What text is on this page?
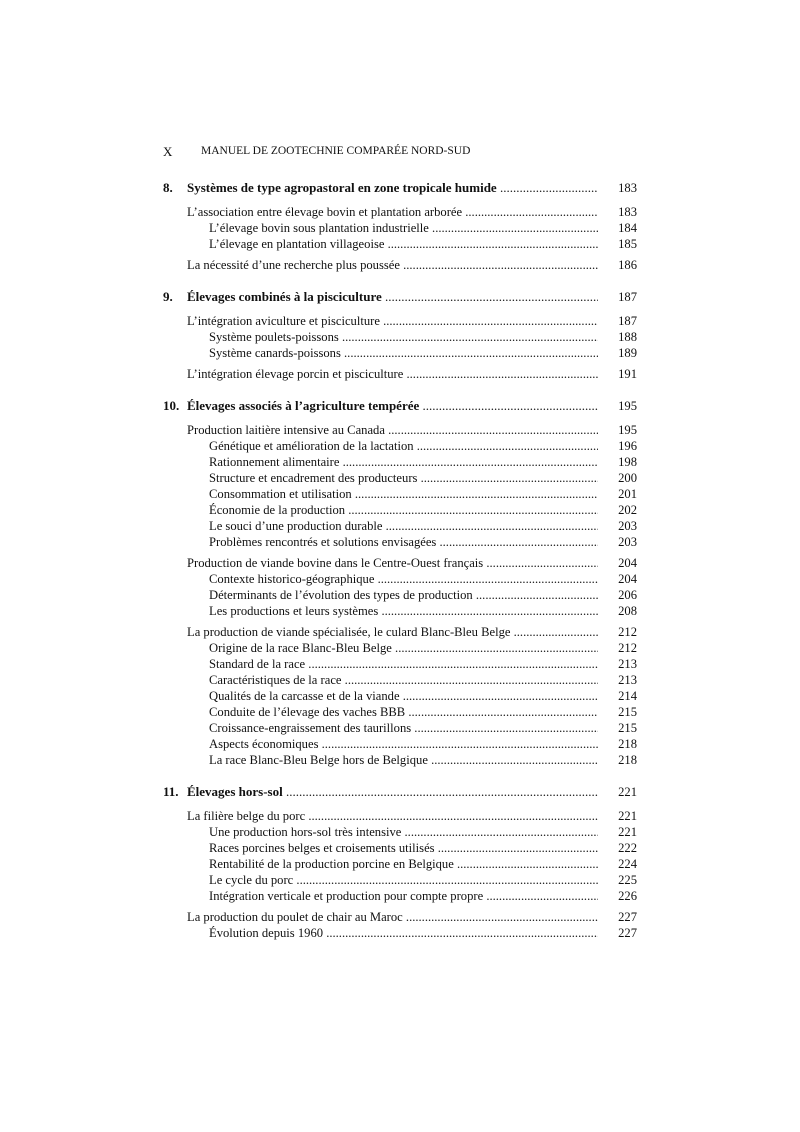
X MANUEL DE ZOOTECHNIE COMPARÉE NORD-SUD
8. Systèmes de type agropastoral en zone tropicale humide .....	183
L’association entre élevage bovin et plantation arborée .....	183
L’élevage bovin sous plantation industrielle .....	184
L’élevage en plantation villageoise .....	185
La nécessité d’une recherche plus poussée .....	186
9. Élevages combinés à la pisciculture .....	187
L’intégration aviculture et pisciculture .....	187
Système poulets-poissons .....	188
Système canards-poissons .....	189
L’intégration élevage porcin et pisciculture .....	191
10. Élevages associés à l’agriculture tempérée .....	195
Production laitière intensive au Canada .....	195
Génétique et amélioration de la lactation .....	196
Rationnement alimentaire .....	198
Structure et encadrement des producteurs .....	200
Consommation et utilisation .....	201
Économie de la production .....	202
Le souci d’une production durable .....	203
Problèmes rencontrés et solutions envisagées .....	203
Production de viande bovine dans le Centre-Ouest français .....	204
Contexte historico-géographique .....	204
Déterminants de l’évolution des types de production .....	206
Les productions et leurs systèmes .....	208
La production de viande spécialisée, le culard Blanc-Bleu Belge .....	212
Origine de la race Blanc-Bleu Belge .....	212
Standard de la race .....	213
Caractéristiques de la race .....	213
Qualités de la carcasse et de la viande .....	214
Conduite de l’élevage des vaches BBB .....	215
Croissance-engraissement des taurillons .....	215
Aspects économiques .....	218
La race Blanc-Bleu Belge hors de Belgique .....	218
11. Élevages hors-sol .....	221
La filière belge du porc .....	221
Une production hors-sol très intensive .....	221
Races porcines belges et croisements utilisés .....	222
Rentabilité de la production porcine en Belgique .....	224
Le cycle du porc .....	225
Intégration verticale et production pour compte propre .....	226
La production du poulet de chair au Maroc .....	227
Évolution depuis 1960 .....	227
